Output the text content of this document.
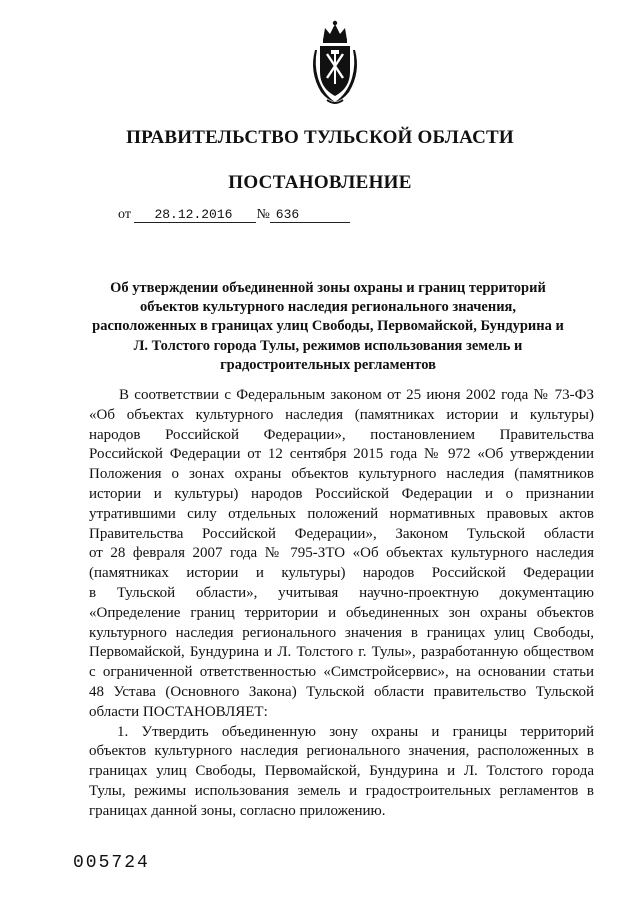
ПРАВИТЕЛЬСТВО ТУЛЬСКОЙ ОБЛАСТИ
ПОСТАНОВЛЕНИЕ
от 28.12.2016 № 636
Об утверждении объединенной зоны охраны и границ территорий
объектов культурного наследия регионального значения,
расположенных в границах улиц Свободы, Первомайской, Бундурина и
Л. Толстого города Тулы, режимов использования земель и
градостроительных регламентов
В соответствии с Федеральным законом от 25 июня 2002 года № 73-ФЗ
«Об объектах культурного наследия (памятниках истории и культуры)
народов Российской Федерации», постановлением Правительства
Российской Федерации от 12 сентября 2015 года № 972 «Об утверждении
Положения о зонах охраны объектов культурного наследия (памятников
истории и культуры) народов Российской Федерации и о признании
утратившими силу отдельных положений нормативных правовых актов
Правительства Российской Федерации», Законом Тульской области
от 28 февраля 2007 года № 795-ЗТО «Об объектах культурного наследия
(памятниках истории и культуры) народов Российской Федерации
в Тульской области», учитывая научно-проектную документацию
«Определение границ территории и объединенных зон охраны объектов
культурного наследия регионального значения в границах улиц Свободы,
Первомайской, Бундурина и Л. Толстого г. Тулы», разработанную обществом
с ограниченной ответственностью «Симстройсервис», на основании статьи
48 Устава (Основного Закона) Тульской области правительство Тульской
области ПОСТАНОВЛЯЕТ:
1. Утвердить объединенную зону охраны и границы территорий
объектов культурного наследия регионального значения, расположенных в
границах улиц Свободы, Первомайской, Бундурина и Л. Толстого города
Тулы, режимы использования земель и градостроительных регламентов в
границах данной зоны, согласно приложению.
005724
